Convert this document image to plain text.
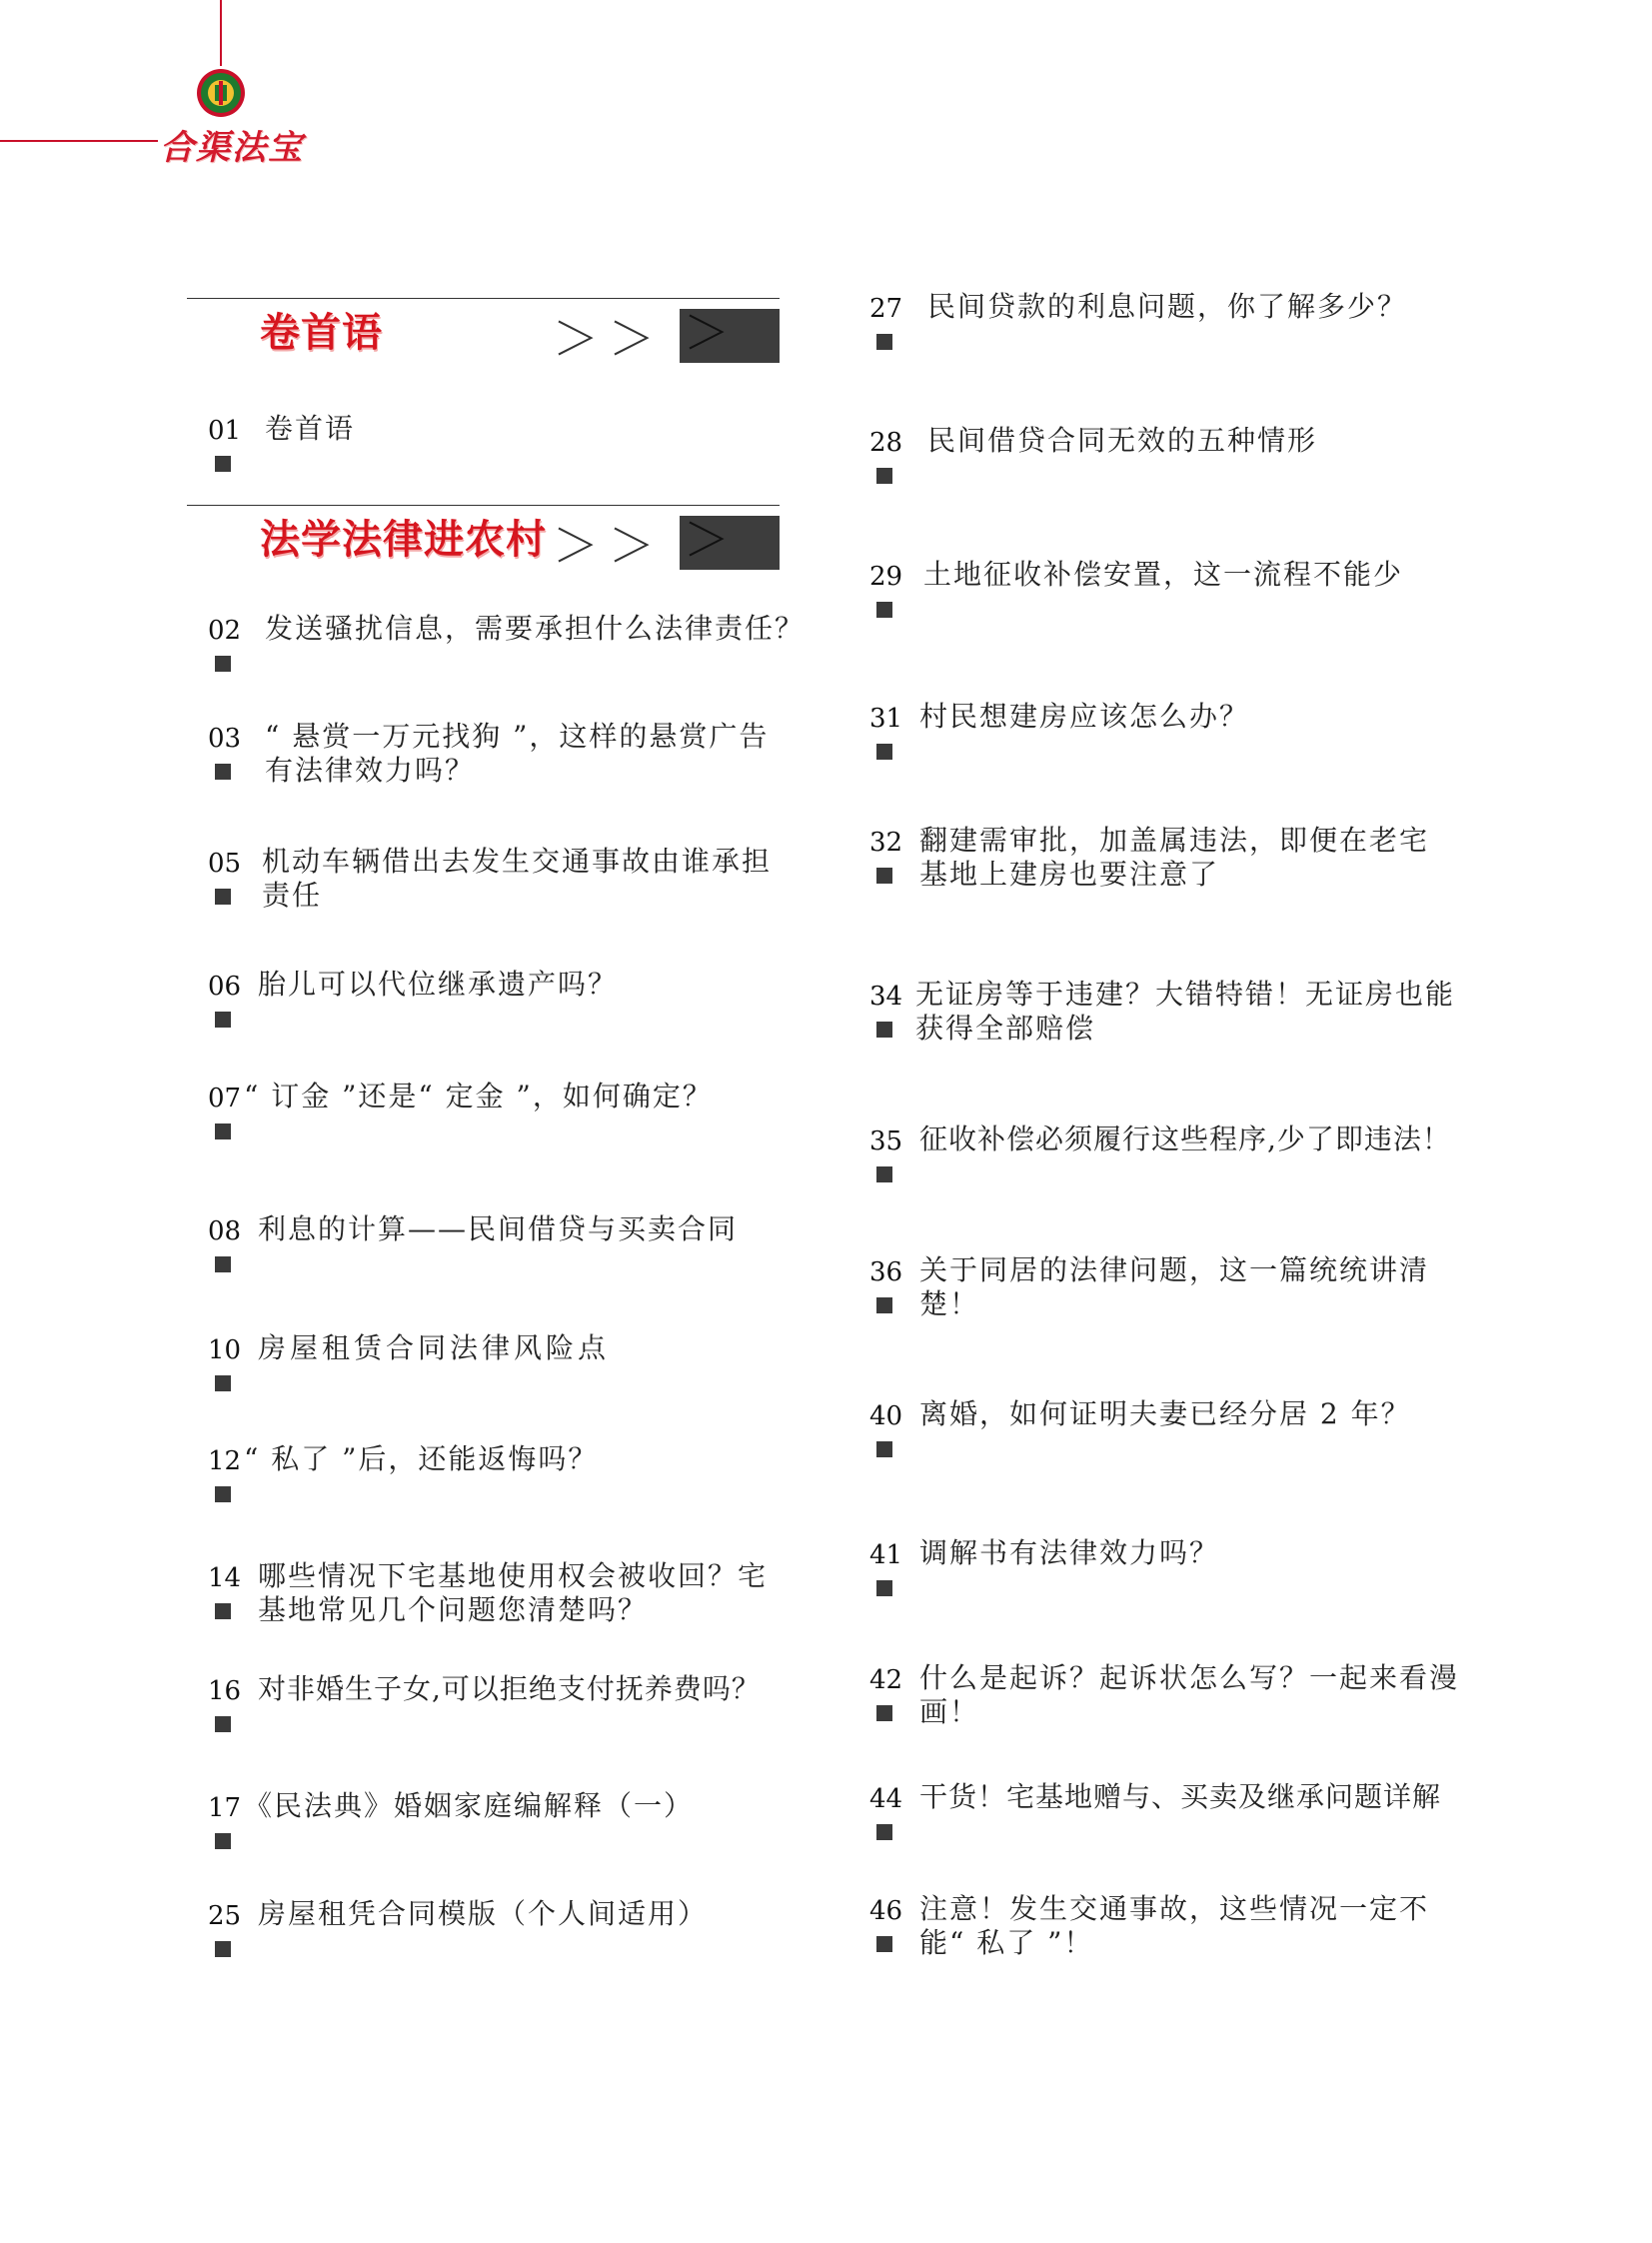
合渠法宝
卷首语	＞＞ ＞
法学法律进农村 ＞＞ ＞
01 卷首语
02 发送骚扰信息，需要承担什么法律责任？
03 “ 悬赏一万元找狗 ”，这样的悬赏广告有法律效力吗？
05 机动车辆借出去发生交通事故由谁承担责任
06 胎儿可以代位继承遗产吗？
07 “ 订金 ”还是“ 定金 ”，如何确定？
08 利息的计算——民间借贷与买卖合同
10 房屋租赁合同法律风险点
12 “ 私了 ”后，还能返悔吗？
14 哪些情况下宅基地使用权会被收回？宅基地常见几个问题您清楚吗？
16 对非婚生子女,可以拒绝支付抚养费吗？
17 《民法典》婚姻家庭编解释（一）
25 房屋租凭合同模版（个人间适用）
27 民间贷款的利息问题，你了解多少？
28 民间借贷合同无效的五种情形
29 土地征收补偿安置，这一流程不能少
31 村民想建房应该怎么办？
32 翻建需审批，加盖属违法，即便在老宅基地上建房也要注意了
34 无证房等于违建？大错特错！无证房也能获得全部赔偿
35 征收补偿必须履行这些程序,少了即违法！
36 关于同居的法律问题，这一篇统统讲清楚！
40 离婚，如何证明夫妻已经分居 2 年？
41 调解书有法律效力吗？
42 什么是起诉？起诉状怎么写？一起来看漫画！
44 干货！宅基地赠与、买卖及继承问题详解
46 注意！发生交通事故，这些情况一定不能“ 私了 ”！
